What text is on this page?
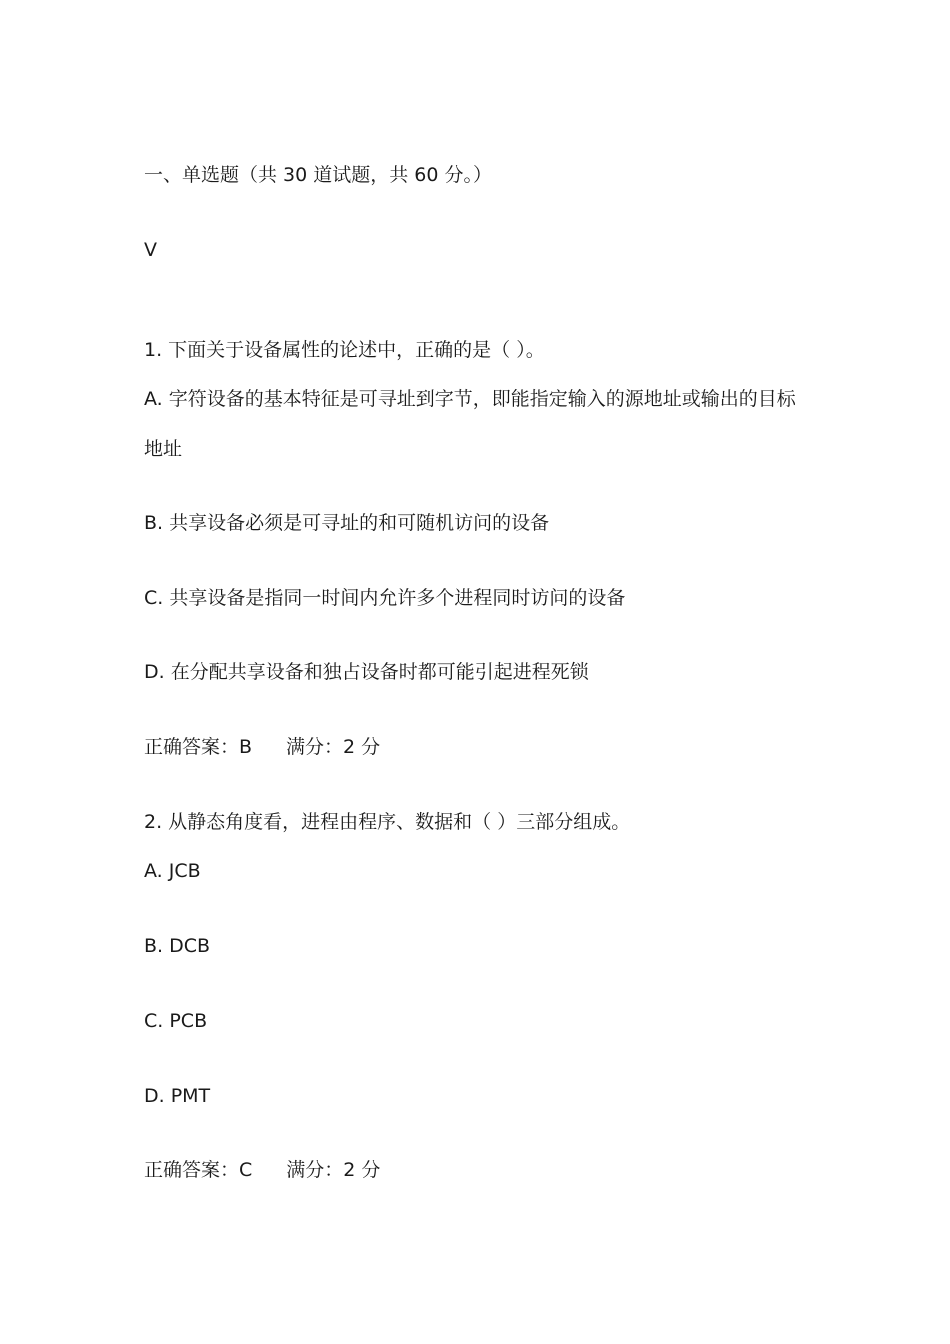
一、单选题（共 30 道试题，共 60 分。）
V
1. 下面关于设备属性的论述中，正确的是（ ）。
A. 字符设备的基本特征是可寻址到字节，即能指定输入的源地址或输出的目标
地址
B. 共享设备必须是可寻址的和可随机访问的设备
C. 共享设备是指同一时间内允许多个进程同时访问的设备
D. 在分配共享设备和独占设备时都可能引起进程死锁
正确答案：B 满分：2 分
2. 从静态角度看，进程由程序、数据和（ ）三部分组成。
A. JCB
B. DCB
C. PCB
D. PMT
正确答案：C 满分：2 分
